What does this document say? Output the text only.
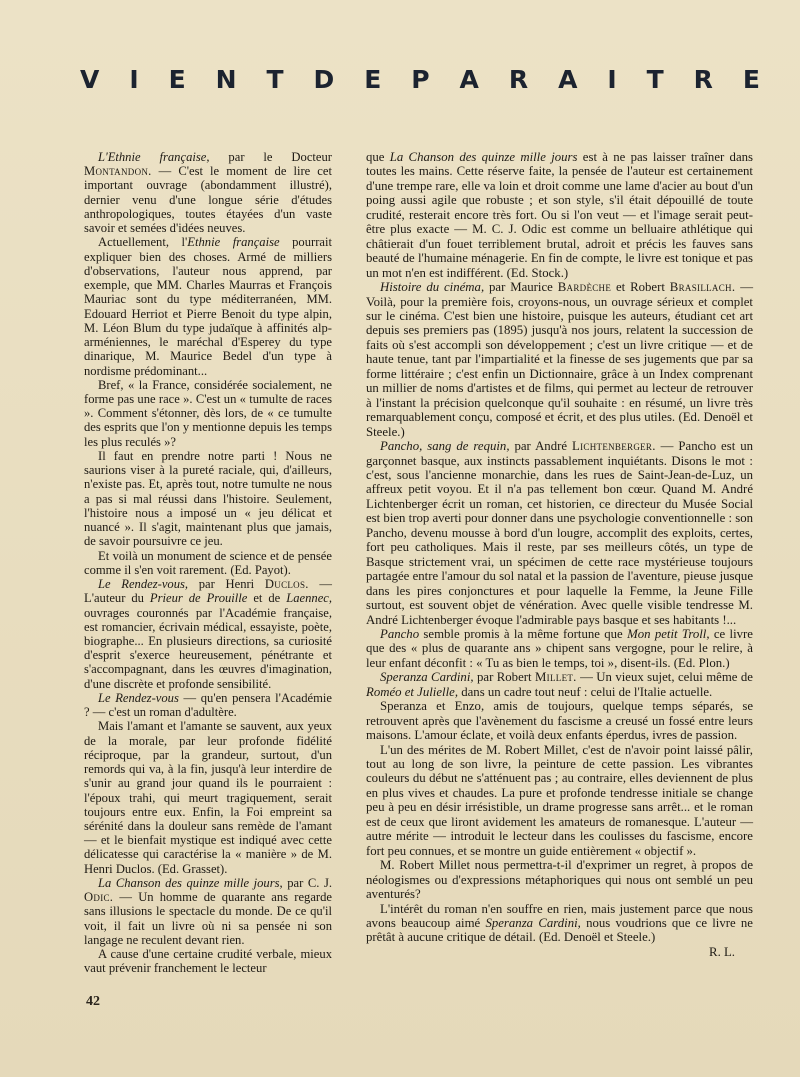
V I E N T D E P A R A I T R E

L'Ethnie française, par le Docteur Montandon. — C'est le moment de lire cet important ouvrage (abondamment illustré), dernier venu d'une longue série d'études anthropologiques, toutes étayées d'un vaste savoir et semées d'idées neuves.

Actuellement, l'Ethnie française pourrait expliquer bien des choses. Armé de milliers d'observations, l'auteur nous apprend, par exemple, que MM. Charles Maurras et François Mauriac sont du type méditerranéen, MM. Edouard Herriot et Pierre Benoit du type alpin, M. Léon Blum du type judaïque à affinités alp-arméniennes, le maréchal d'Esperey du type dinarique, M. Maurice Bedel d'un type à nordisme prédominant...

Bref, « la France, considérée socialement, ne forme pas une race ». C'est un « tumulte de races ». Comment s'étonner, dès lors, de « ce tumulte des esprits que l'on y mentionne depuis les temps les plus reculés »?

Il faut en prendre notre parti ! Nous ne saurions viser à la pureté raciale, qui, d'ailleurs, n'existe pas. Et, après tout, notre tumulte ne nous a pas si mal réussi dans l'histoire. Seulement, l'histoire nous a imposé un « jeu délicat et nuancé ». Il s'agit, maintenant plus que jamais, de savoir poursuivre ce jeu.

Et voilà un monument de science et de pensée comme il s'en voit rarement. (Ed. Payot).

Le Rendez-vous, par Henri Duclos. — L'auteur du Prieur de Prouille et de Laennec, ouvrages couronnés par l'Académie française, est romancier, écrivain médical, essayiste, poète, biographe... En plusieurs directions, sa curiosité d'esprit s'exerce heureusement, pénétrante et s'accompagnant, dans les œuvres d'imagination, d'une discrète et profonde sensibilité.

Le Rendez-vous — qu'en pensera l'Académie ? — c'est un roman d'adultère.

Mais l'amant et l'amante se sauvent, aux yeux de la morale, par leur profonde fidélité réciproque, par la grandeur, surtout, d'un remords qui va, à la fin, jusqu'à leur interdire de s'unir au grand jour quand ils le pourraient : l'époux trahi, qui meurt tragiquement, serait toujours entre eux. Enfin, la Foi empreint sa sérénité dans la douleur sans remède de l'amant — et le bienfait mystique est indiqué avec cette délicatesse qui caractérise la « manière » de M. Henri Duclos. (Ed. Grasset).

La Chanson des quinze mille jours, par C. J. Odic. — Un homme de quarante ans regarde sans illusions le spectacle du monde. De ce qu'il voit, il fait un livre où ni sa pensée ni son langage ne reculent devant rien.

A cause d'une certaine crudité verbale, mieux vaut prévenir franchement le lecteur

que La Chanson des quinze mille jours est à ne pas laisser traîner dans toutes les mains. Cette réserve faite, la pensée de l'auteur est certainement d'une trempe rare, elle va loin et droit comme une lame d'acier au bout d'un poing aussi agile que robuste ; et son style, s'il était dépouillé de toute crudité, resterait encore très fort. Ou si l'on veut — et l'image serait peut-être plus exacte — M. C. J. Odic est comme un belluaire athlétique qui châtierait d'un fouet terriblement brutal, adroit et précis les fauves sans beauté de l'humaine ménagerie. En fin de compte, le livre est tonique et pas un mot n'en est indifférent. (Ed. Stock.)

Histoire du cinéma, par Maurice Bardèche et Robert Brasillach. — Voilà, pour la première fois, croyons-nous, un ouvrage sérieux et complet sur le cinéma. C'est bien une histoire, puisque les auteurs, étudiant cet art depuis ses premiers pas (1895) jusqu'à nos jours, relatent la succession de faits où s'est accompli son développement ; c'est un livre critique — et de haute tenue, tant par l'impartialité et la finesse de ses jugements que par sa forme littéraire ; c'est enfin un Dictionnaire, grâce à un Index comprenant un millier de noms d'artistes et de films, qui permet au lecteur de retrouver à l'instant la précision quelconque qu'il souhaite : en résumé, un livre très remarquablement conçu, composé et écrit, et des plus utiles. (Ed. Denoël et Steele.)

Pancho, sang de requin, par André Lichtenberger. — Pancho est un garçonnet basque, aux instincts passablement inquiétants. Disons le mot : c'est, sous l'ancienne monarchie, dans les rues de Saint-Jean-de-Luz, un affreux petit voyou. Et il n'a pas tellement bon cœur. Quand M. André Lichtenberger écrit un roman, cet historien, ce directeur du Musée Social est bien trop averti pour donner dans une psychologie conventionnelle : son Pancho, devenu mousse à bord d'un lougre, accomplit des exploits, certes, fort peu catholiques. Mais il reste, par ses meilleurs côtés, un type de Basque strictement vrai, un spécimen de cette race mystérieuse toujours partagée entre l'amour du sol natal et la passion de l'aventure, pieuse jusque dans les pires conjonctures et pour laquelle la Femme, la Jeune Fille surtout, est souvent objet de vénération. Avec quelle visible tendresse M. André Lichtenberger évoque l'admirable pays basque et ses habitants !...

Pancho semble promis à la même fortune que Mon petit Troll, ce livre que des « plus de quarante ans » chipent sans vergogne, pour le relire, à leur enfant déconfit : « Tu as bien le temps, toi », disent-ils. (Ed. Plon.)

Speranza Cardini, par Robert Millet. — Un vieux sujet, celui même de Roméo et Julielle, dans un cadre tout neuf : celui de l'Italie actuelle.

Speranza et Enzo, amis de toujours, quelque temps séparés, se retrouvent après que l'avènement du fascisme a creusé un fossé entre leurs maisons. L'amour éclate, et voilà deux enfants éperdus, ivres de passion.

L'un des mérites de M. Robert Millet, c'est de n'avoir point laissé pâlir, tout au long de son livre, la peinture de cette passion. Les vibrantes couleurs du début ne s'atténuent pas ; au contraire, elles deviennent de plus en plus vives et chaudes. La pure et profonde tendresse initiale se change peu à peu en désir irrésistible, un drame progresse sans arrêt... et le roman est de ceux que liront avidement les amateurs de romanesque. L'auteur — autre mérite — introduit le lecteur dans les coulisses du fascisme, encore fort peu connues, et se montre un guide entièrement « objectif ».

M. Robert Millet nous permettra-t-il d'exprimer un regret, à propos de néologismes ou d'expressions métaphoriques qui nous ont semblé un peu aventurés?

L'intérêt du roman n'en souffre en rien, mais justement parce que nous avons beaucoup aimé Speranza Cardini, nous voudrions que ce livre ne prêtât à aucune critique de détail. (Ed. Denoël et Steele.)

R. L.

42
